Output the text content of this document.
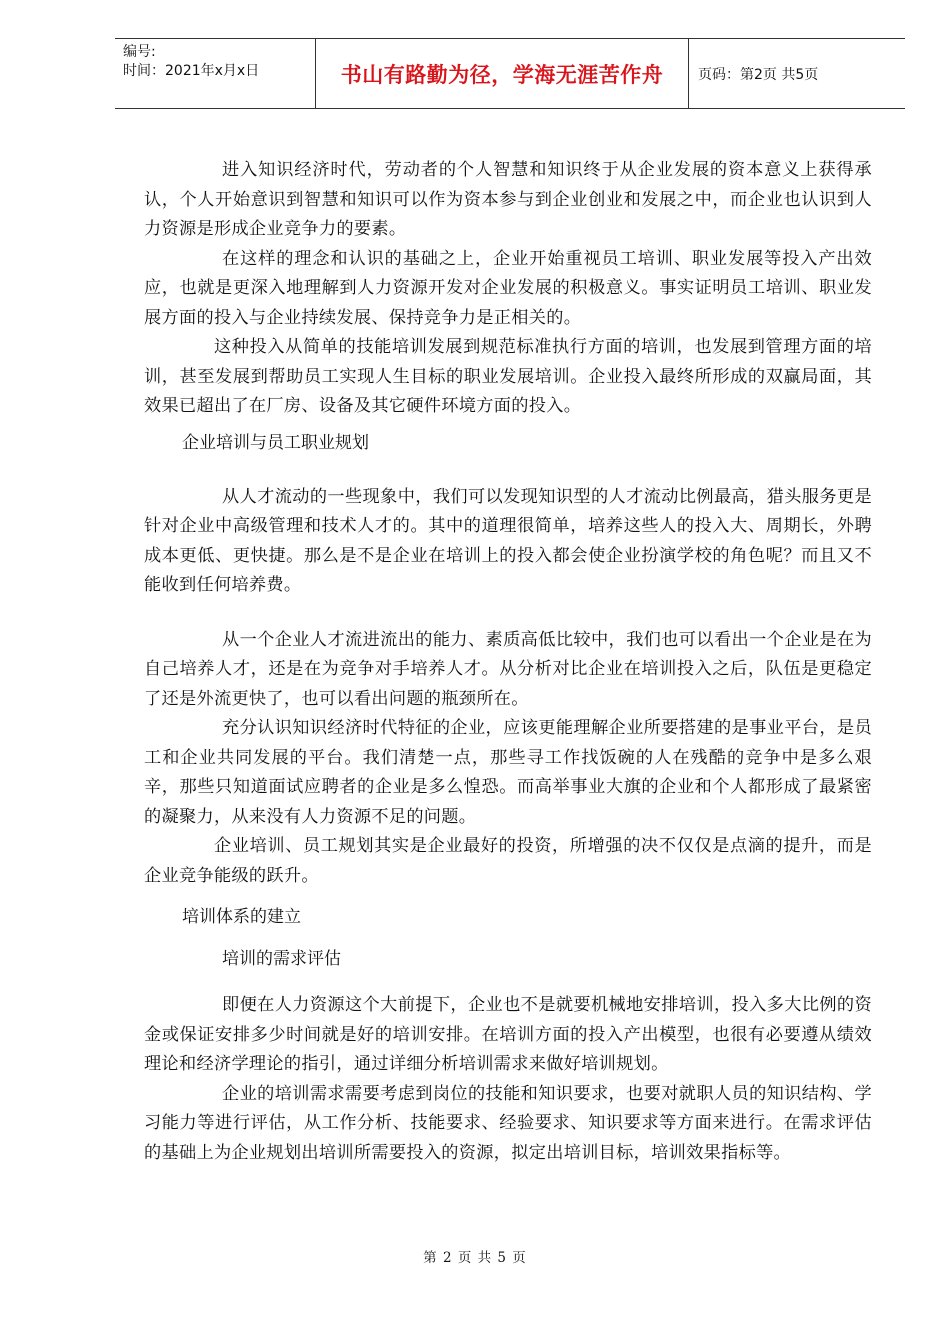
编号:
时间：2021年x月x日	书山有路勤为径，学海无涯苦作舟 页码：第2页 共5页

进入知识经济时代，劳动者的个人智慧和知识终于从企业发展的资本意义上获得承认，个人开始意识到智慧和知识可以作为资本参与到企业创业和发展之中，而企业也认识到人力资源是形成企业竞争力的要素。

在这样的理念和认识的基础之上，企业开始重视员工培训、职业发展等投入产出效应，也就是更深入地理解到人力资源开发对企业发展的积极意义。事实证明员工培训、职业发展方面的投入与企业持续发展、保持竞争力是正相关的。

这种投入从简单的技能培训发展到规范标准执行方面的培训，也发展到管理方面的培训，甚至发展到帮助员工实现人生目标的职业发展培训。企业投入最终所形成的双赢局面，其效果已超出了在厂房、设备及其它硬件环境方面的投入。

企业培训与员工职业规划

从人才流动的一些现象中，我们可以发现知识型的人才流动比例最高，猎头服务更是针对企业中高级管理和技术人才的。其中的道理很简单，培养这些人的投入大、周期长，外聘成本更低、更快捷。那么是不是企业在培训上的投入都会使企业扮演学校的角色呢？而且又不能收到任何培养费。

从一个企业人才流进流出的能力、素质高低比较中，我们也可以看出一个企业是在为自己培养人才，还是在为竞争对手培养人才。从分析对比企业在培训投入之后，队伍是更稳定了还是外流更快了，也可以看出问题的瓶颈所在。

充分认识知识经济时代特征的企业，应该更能理解企业所要搭建的是事业平台，是员工和企业共同发展的平台。我们清楚一点，那些寻工作找饭碗的人在残酷的竞争中是多么艰辛，那些只知道面试应聘者的企业是多么惶恐。而高举事业大旗的企业和个人都形成了最紧密的凝聚力，从来没有人力资源不足的问题。

企业培训、员工规划其实是企业最好的投资，所增强的决不仅仅是点滴的提升，而是企业竞争能级的跃升。

培训体系的建立

培训的需求评估

即便在人力资源这个大前提下，企业也不是就要机械地安排培训，投入多大比例的资金或保证安排多少时间就是好的培训安排。在培训方面的投入产出模型，也很有必要遵从绩效理论和经济学理论的指引，通过详细分析培训需求来做好培训规划。

企业的培训需求需要考虑到岗位的技能和知识要求，也要对就职人员的知识结构、学习能力等进行评估，从工作分析、技能要求、经验要求、知识要求等方面来进行。在需求评估的基础上为企业规划出培训所需要投入的资源，拟定出培训目标，培训效果指标等。

第 2 页 共 5 页
